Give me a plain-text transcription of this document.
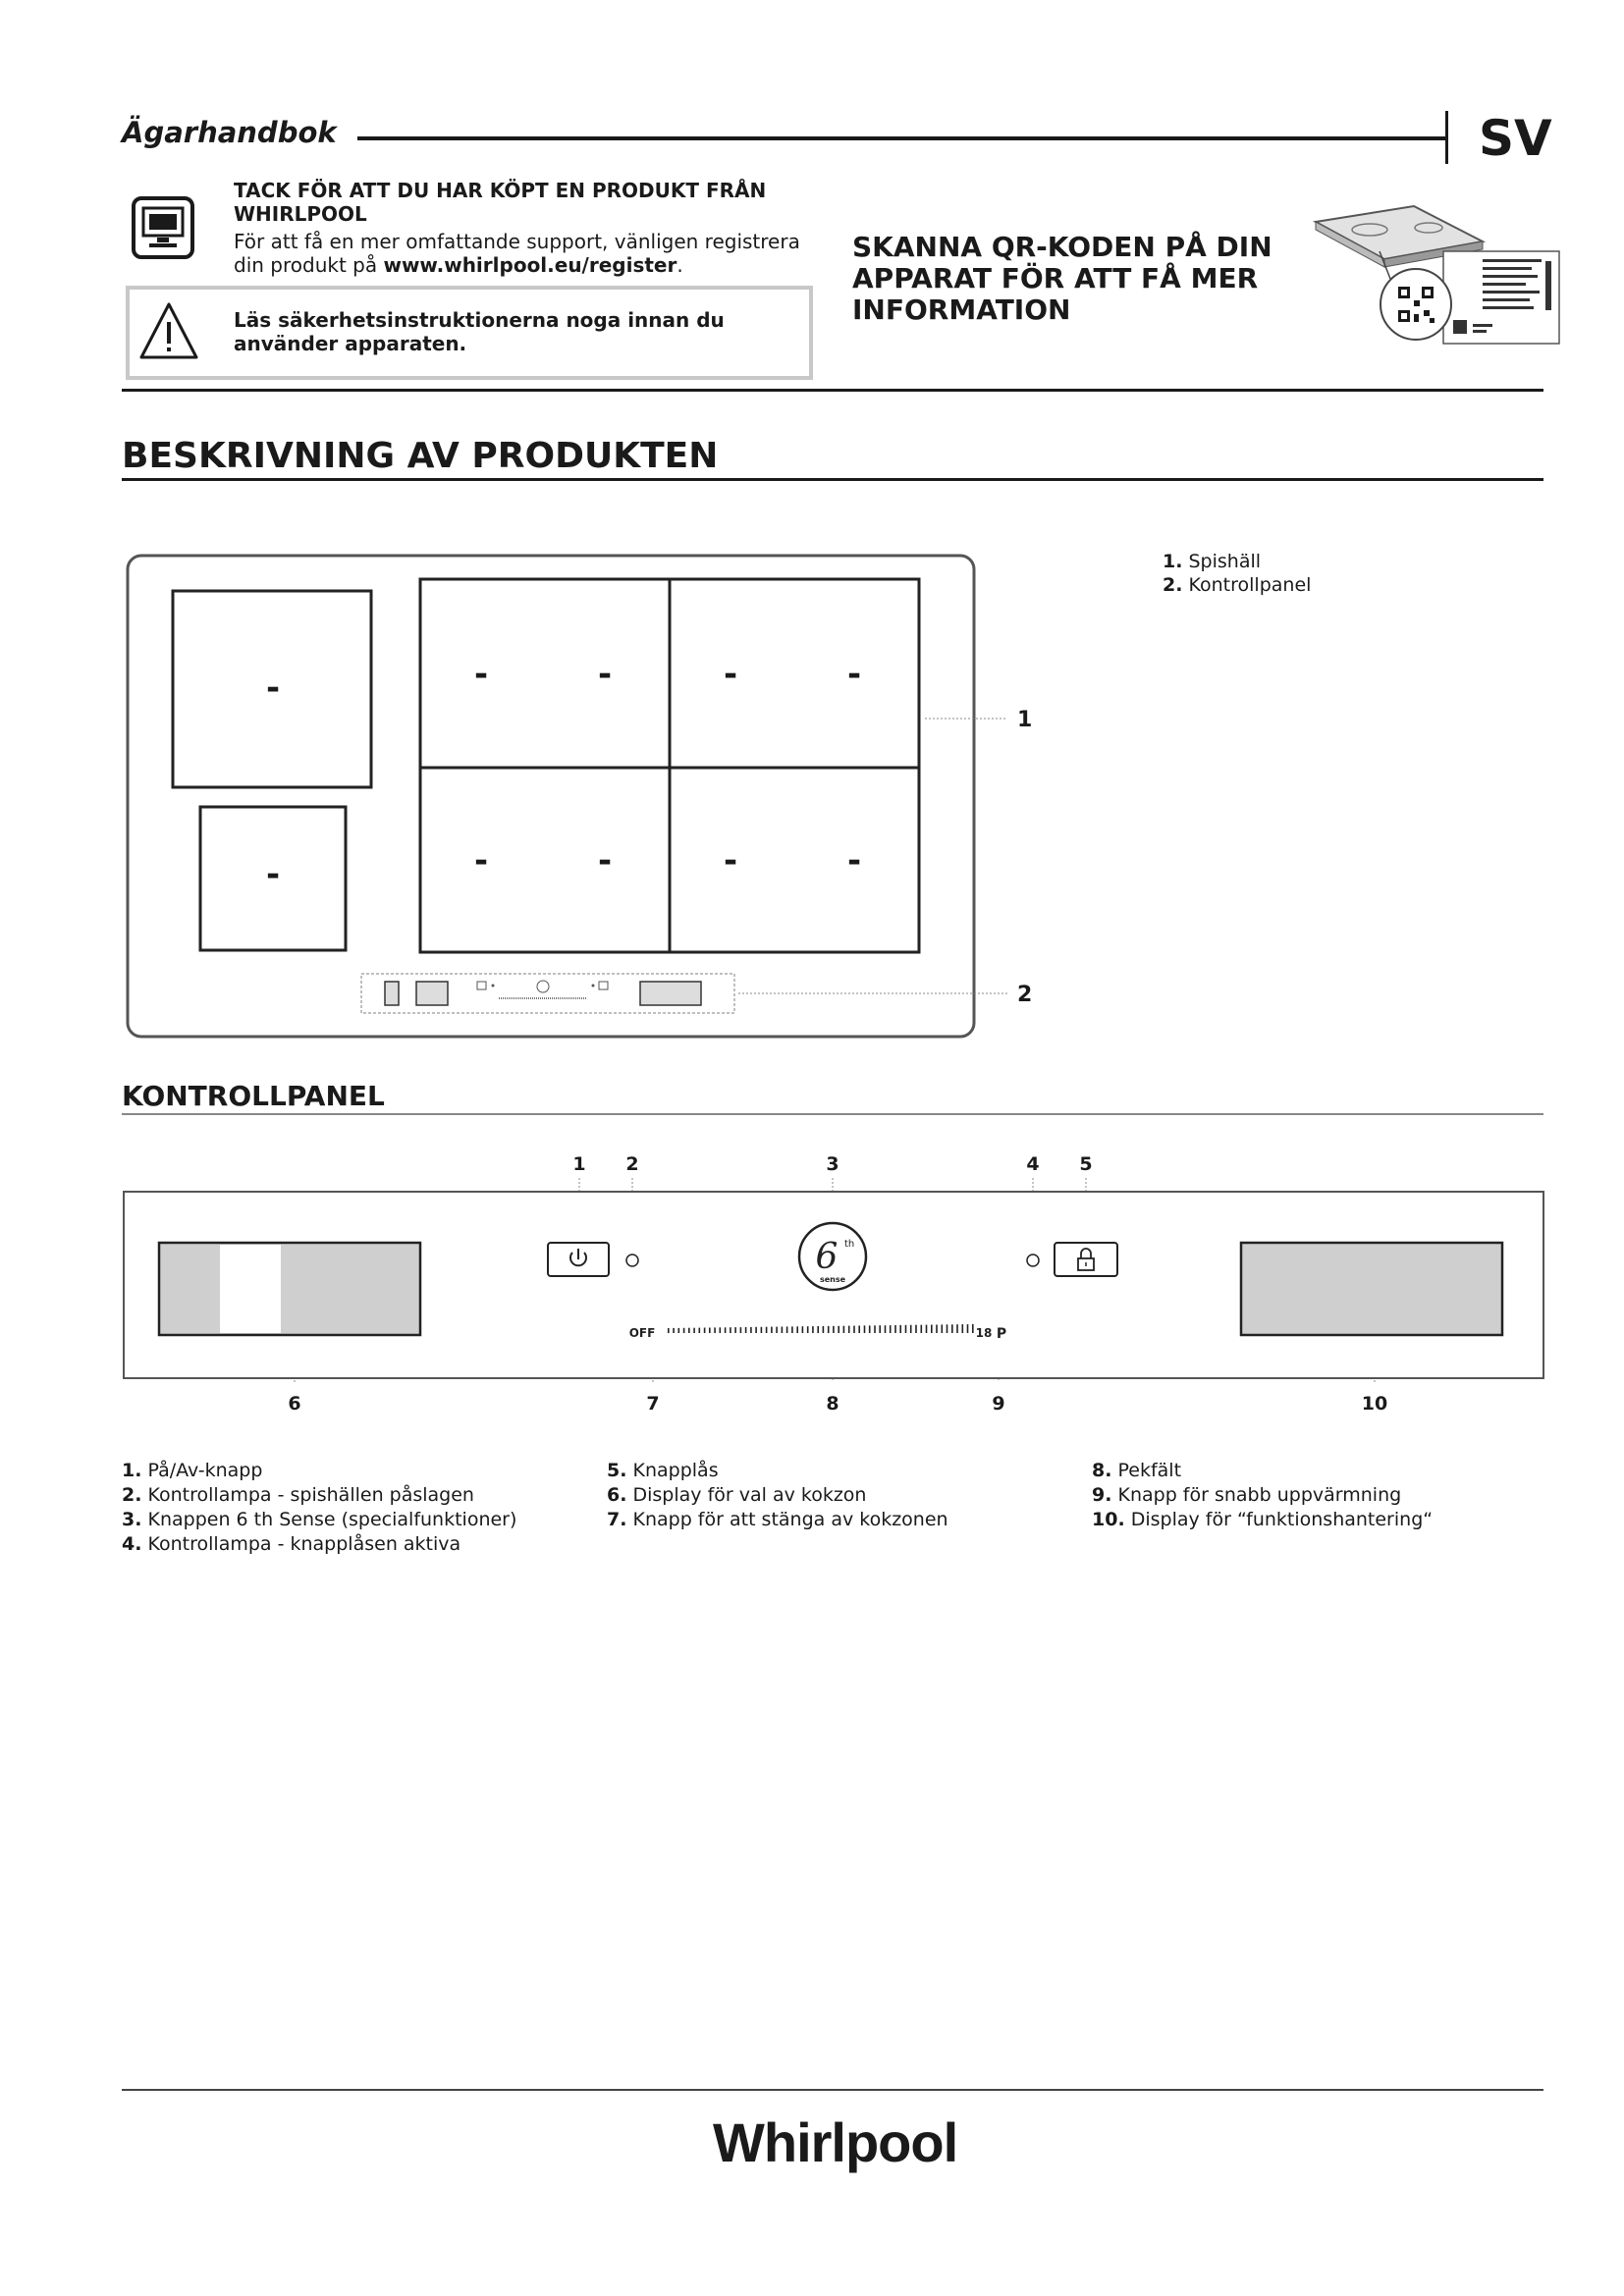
Ägarhandbok	SV
TACK FÖR ATT DU HAR KÖPT EN PRODUKT FRÅN WHIRLPOOL
För att få en mer omfattande support, vänligen registrera din produkt på www.whirlpool.eu/register.
Läs säkerhetsinstruktionerna noga innan du använder apparaten.
SKANNA QR-KODEN PÅ DIN APPARAT FÖR ATT FÅ MER INFORMATION
BESKRIVNING AV PRODUKTEN
-
-
-	-	-	-
-	-	-	-
1
2
1. Spishäll
2. Kontrollpanel
KONTROLLPANEL
1 2	3	4 5
6 th
sense
OFF	18 P
6	7	8	9	10
1. På/Av-knapp
2. Kontrollampa - spishällen påslagen
3. Knappen 6 th Sense (specialfunktioner)
4. Kontrollampa - knapplåsen aktiva
5. Knapplås
6. Display för val av kokzon
7. Knapp för att stänga av kokzonen
8. Pekfält
9. Knapp för snabb uppvärmning
10. Display för “funktionshantering“
Whirlpool
